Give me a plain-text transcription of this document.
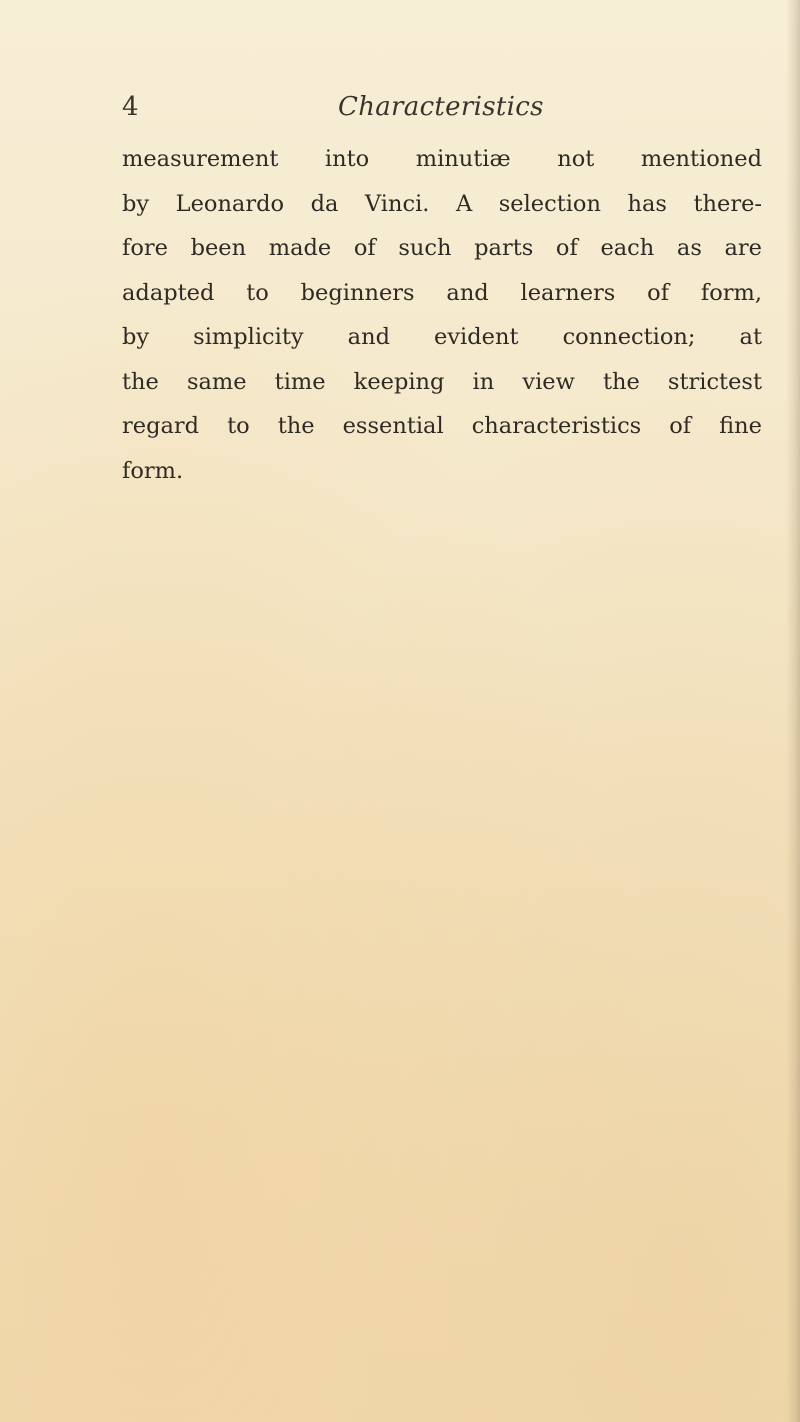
4	Characteristics
measurement into minutiæ not mentioned
by Leonardo da Vinci. A selection has there-
fore been made of such parts of each as are
adapted to beginners and learners of form,
by simplicity and evident connection; at
the same time keeping in view the strictest
regard to the essential characteristics of fine
form.
